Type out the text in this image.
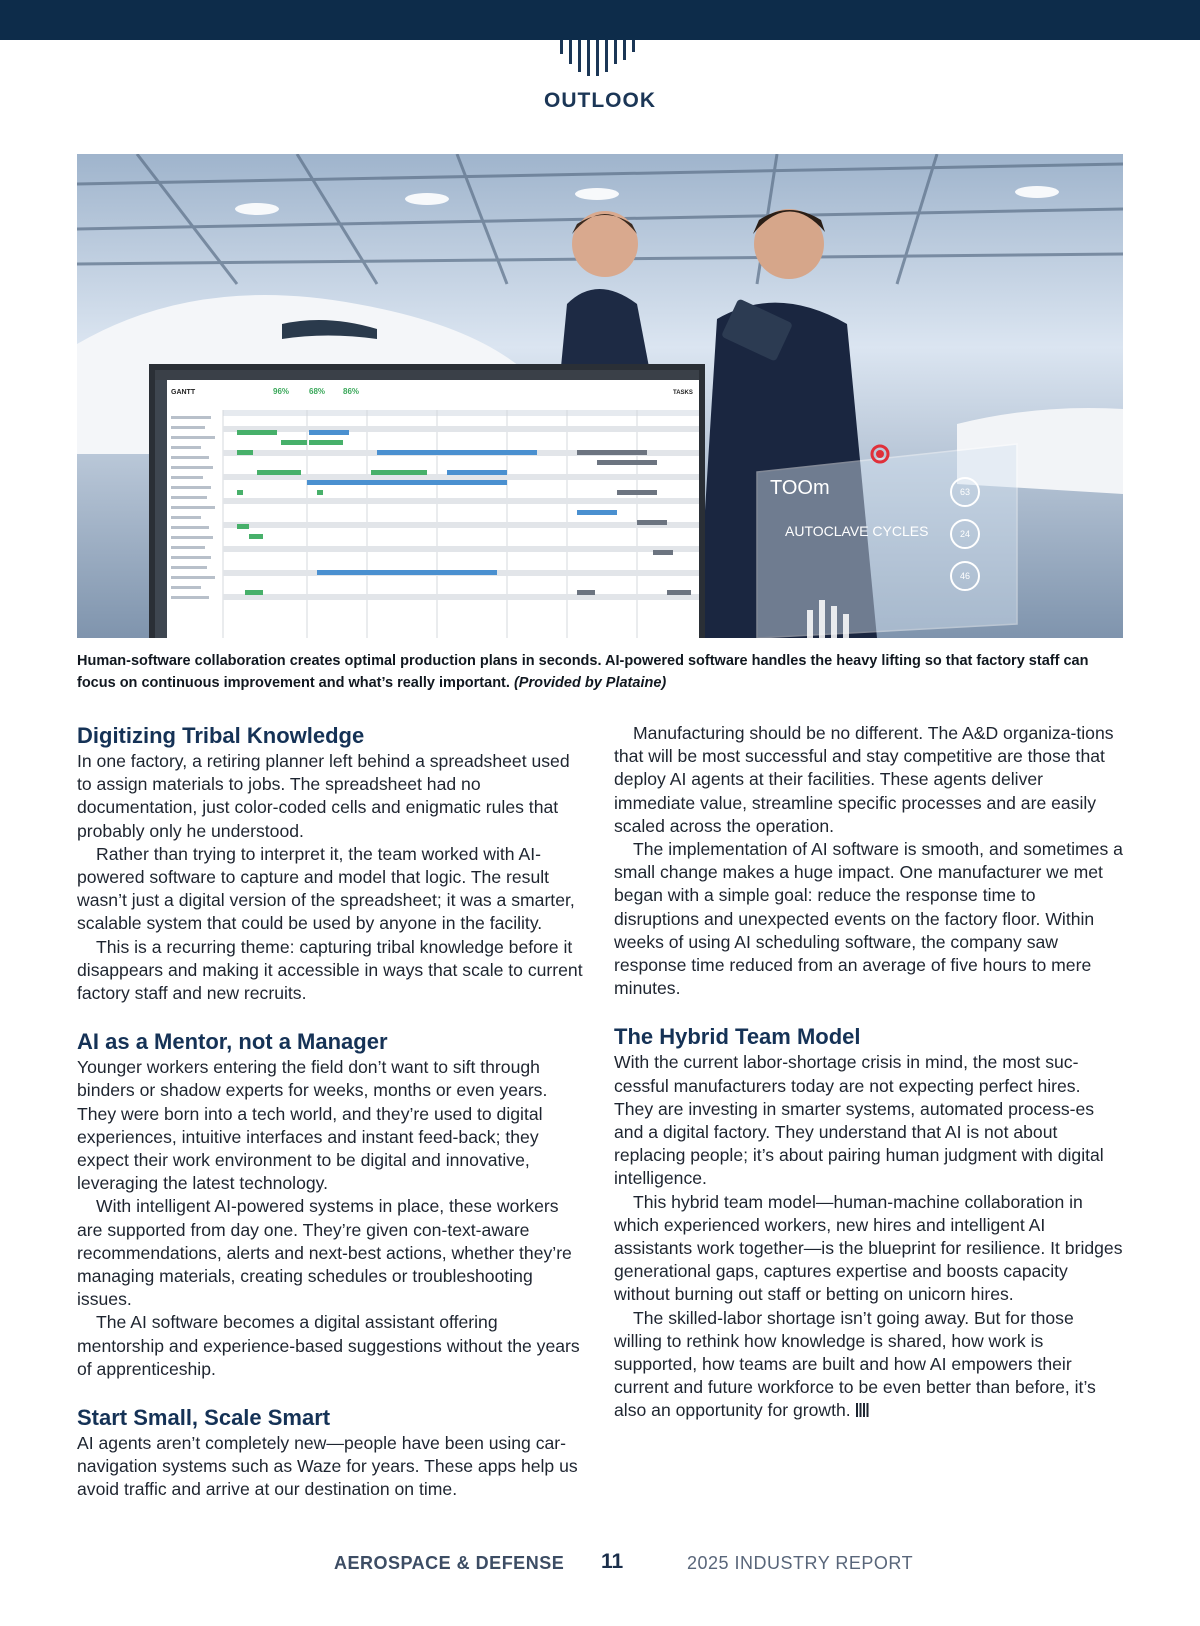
OUTLOOK
TOOm
AUTOCLAVE CYCLES
63
24
46
GANTT	96% 68% 86%	TASKS
Human-software collaboration creates optimal production plans in seconds. AI-powered software handles the heavy lifting so that factory staff can focus on continuous improvement and what’s really important. (Provided by Plataine)
Digitizing Tribal Knowledge

In one factory, a retiring planner left behind a spreadsheet used to assign materials to jobs. The spreadsheet had no documentation, just color-coded cells and enigmatic rules that probably only he understood.

Rather than trying to interpret it, the team worked with AI-powered software to capture and model that logic. The result wasn’t just a digital version of the spreadsheet; it was a smarter, scalable system that could be used by anyone in the facility.

This is a recurring theme: capturing tribal knowledge before it disappears and making it accessible in ways that scale to current factory staff and new recruits.

AI as a Mentor, not a Manager

Younger workers entering the field don’t want to sift through binders or shadow experts for weeks, months or even years. They were born into a tech world, and they’re used to digital experiences, intuitive interfaces and instant feed-back; they expect their work environment to be digital and innovative, leveraging the latest technology.

With intelligent AI-powered systems in place, these workers are supported from day one. They’re given con-text-aware recommendations, alerts and next-best actions, whether they’re managing materials, creating schedules or troubleshooting issues.

The AI software becomes a digital assistant offering mentorship and experience-based suggestions without the years of apprenticeship.

Start Small, Scale Smart

AI agents aren’t completely new—people have been using car-navigation systems such as Waze for years. These apps help us avoid traffic and arrive at our destination on time.

Manufacturing should be no different. The A&D organiza-tions that will be most successful and stay competitive are those that deploy AI agents at their facilities. These agents deliver immediate value, streamline specific processes and are easily scaled across the operation.

The implementation of AI software is smooth, and sometimes a small change makes a huge impact. One manufacturer we met began with a simple goal: reduce the response time to disruptions and unexpected events on the factory floor. Within weeks of using AI scheduling software, the company saw response time reduced from an average of five hours to mere minutes.

The Hybrid Team Model

With the current labor-shortage crisis in mind, the most suc-cessful manufacturers today are not expecting perfect hires. They are investing in smarter systems, automated process-es and a digital factory. They understand that AI is not about replacing people; it’s about pairing human judgment with digital intelligence.

This hybrid team model—human-machine collaboration in which experienced workers, new hires and intelligent AI assistants work together—is the blueprint for resilience. It bridges generational gaps, captures expertise and boosts capacity without burning out staff or betting on unicorn hires.

The skilled-labor shortage isn’t going away. But for those willing to rethink how knowledge is shared, how work is supported, how teams are built and how AI empowers their current and future workforce to be even better than before, it’s also an opportunity for growth.

AEROSPACE & DEFENSE 11	2025 INDUSTRY REPORT
